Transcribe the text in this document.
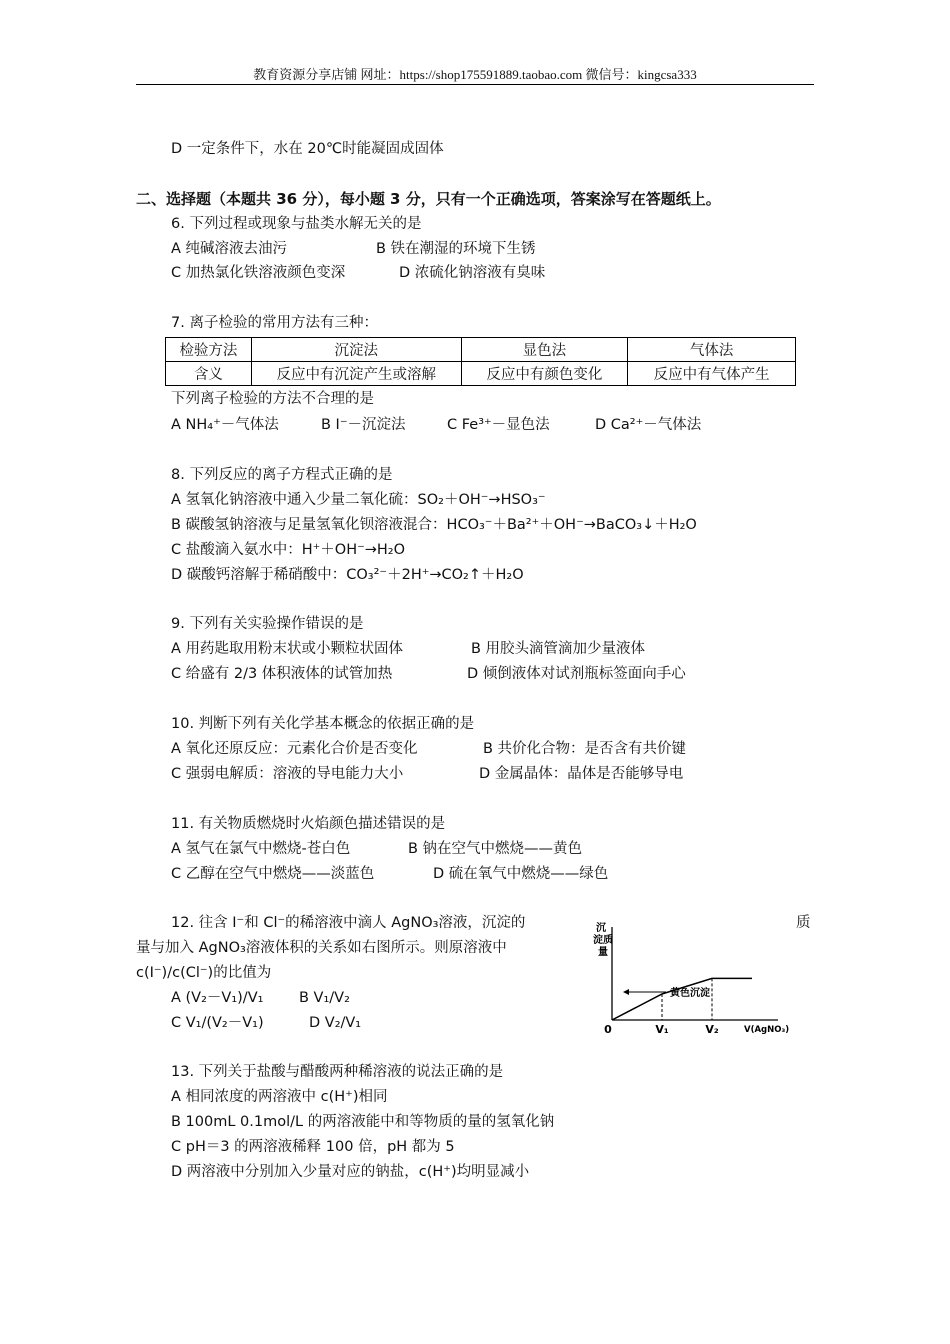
教育资源分享店铺 网址：https://shop175591889.taobao.com 微信号：kingcsa333
D 一定条件下，水在 20℃时能凝固成固体
二、选择题（本题共 36 分），每小题 3 分，只有一个正确选项，答案涂写在答题纸上。
6. 下列过程或现象与盐类水解无关的是
A 纯碱溶液去油污	B 铁在潮湿的环境下生锈
C 加热氯化铁溶液颜色变深	D 浓硫化钠溶液有臭味
7. 离子检验的常用方法有三种：
检验方法	沉淀法	显色法	气体法
含义	反应中有沉淀产生或溶解	反应中有颜色变化	反应中有气体产生
下列离子检验的方法不合理的是
A NH₄⁺－气体法	B I⁻－沉淀法	C Fe³⁺－显色法	D Ca²⁺－气体法
8. 下列反应的离子方程式正确的是
A 氢氧化钠溶液中通入少量二氧化硫：SO₂＋OH⁻→HSO₃⁻
B 碳酸氢钠溶液与足量氢氧化钡溶液混合：HCO₃⁻＋Ba²⁺＋OH⁻→BaCO₃↓＋H₂O
C 盐酸滴入氨水中：H⁺＋OH⁻→H₂O
D 碳酸钙溶解于稀硝酸中：CO₃²⁻＋2H⁺→CO₂↑＋H₂O
9. 下列有关实验操作错误的是
A 用药匙取用粉末状或小颗粒状固体	B 用胶头滴管滴加少量液体
C 给盛有 2/3 体积液体的试管加热	D 倾倒液体对试剂瓶标签面向手心
10. 判断下列有关化学基本概念的依据正确的是
A 氧化还原反应：元素化合价是否变化	B 共价化合物：是否含有共价键
C 强弱电解质：溶液的导电能力大小	D 金属晶体：晶体是否能够导电
11. 有关物质燃烧时火焰颜色描述错误的是
A 氢气在氯气中燃烧-苍白色	B 钠在空气中燃烧——黄色
C 乙醇在空气中燃烧——淡蓝色	D 硫在氧气中燃烧——绿色
12. 往含 I⁻和 Cl⁻的稀溶液中滴人 AgNO₃溶液，沉淀的	质
量与加入 AgNO₃溶液体积的关系如右图所示。则原溶液中
c(I⁻)/c(Cl⁻)的比值为
A (V₂－V₁)/V₁ B V₁/V₂
C V₁/(V₂－V₁)	D V₂/V₁
沉
淀质
量
黄色沉淀
0	V₁	V₂	V(AgNO₃)
13. 下列关于盐酸与醋酸两种稀溶液的说法正确的是
A 相同浓度的两溶液中 c(H⁺)相同
B 100mL 0.1mol/L 的两溶液能中和等物质的量的氢氧化钠
C pH＝3 的两溶液稀释 100 倍，pH 都为 5
D 两溶液中分别加入少量对应的钠盐，c(H⁺)均明显减小
